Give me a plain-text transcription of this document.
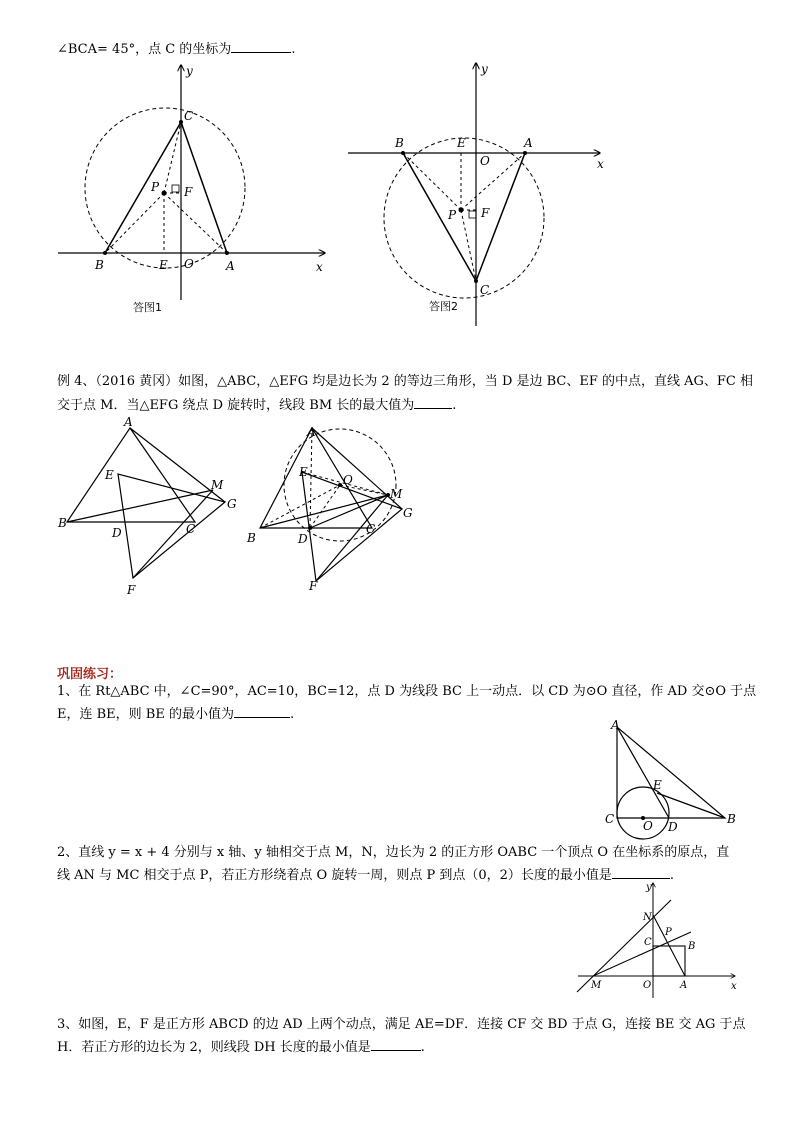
∠BCA= 45°，点 C 的坐标为	.
y
x
C
P F
B	E O	A
答图1
y
x
B	E	A
O
P F
C
答图2
例 4、（2016 黄冈）如图，△ABC，△EFG 均是边长为 2 的等边三角形，当 D 是边 BC、EF 的中点，直线 AG、FC 相
交于点 M．当△EFG 绕点 D 旋转时，线段 BM 长的最大值为	.
A
E
M
G
B
D	C
F
A
E
O
M
G
B	D
C
F
巩固练习：
1、在 Rt△ABC 中，∠C=90°，AC=10，BC=12，点 D 为线段 BC 上一动点．以 CD 为⊙O 直径，作 AD 交⊙O 于点
E，连 BE，则 BE 的最小值为	.
A
E
C O D
B
2、直线 y = x + 4 分别与 x 轴、y 轴相交于点 M，N，边长为 2 的正方形 OABC 一个顶点 O 在坐标系的原点，直
线 AN 与 MC 相交于点 P，若正方形绕着点 O 旋转一周，则点 P 到点（0，2）长度的最小值是	.
y
N
P
C	B
M	O	A	x
3、如图，E，F 是正方形 ABCD 的边 AD 上两个动点，满足 AE=DF．连接 CF 交 BD 于点 G，连接 BE 交 AG 于点
H．若正方形的边长为 2，则线段 DH 长度的最小值是	.
